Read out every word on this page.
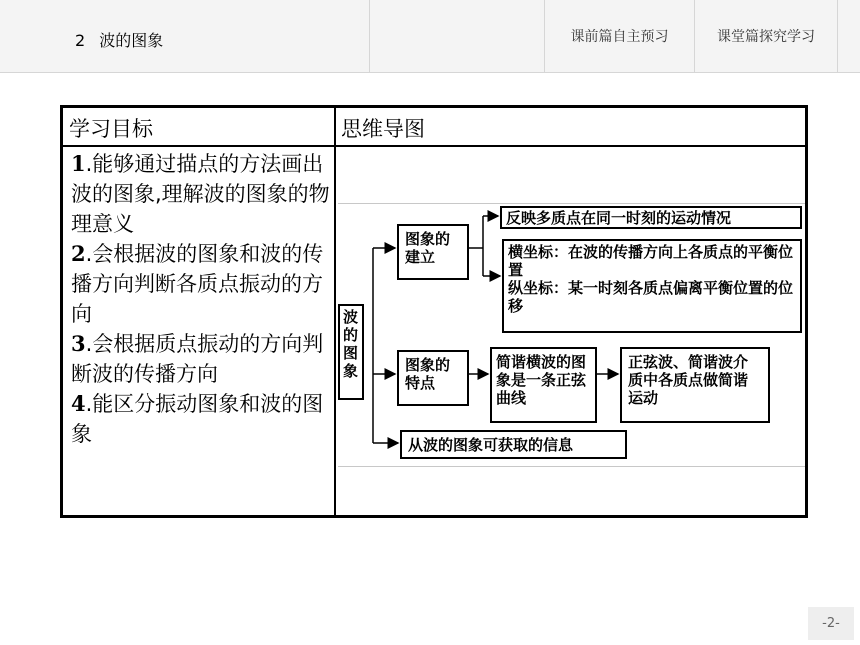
2 波的图象	课前篇自主预习	课堂篇探究学习
学习目标	思维导图
1.能够通过描点的方法画出波的图象,理解波的图象的物理意义
2.会根据波的图象和波的传播方向判断各质点振动的方向
3.会根据质点振动的方向判断波的传播方向
4.能区分振动图象和波的图象
波的图象
图象的建立
反映多质点在同一时刻的运动情况
横坐标：在波的传播方向上各质点的平衡位置
纵坐标：某一时刻各质点偏离平衡位置的位移
图象的特点
简谐横波的图象是一条正弦曲线
正弦波、简谐波介质中各质点做简谐运动
从波的图象可获取的信息
-2-
